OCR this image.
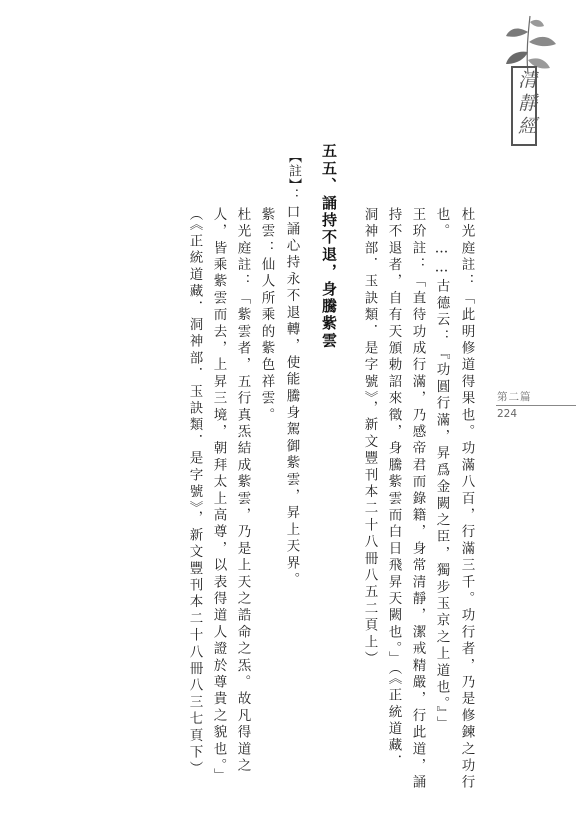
清靜經
第二篇
224
杜光庭註：「此明修道得果也。功滿八百，行滿三千。功行者，乃是修鍊之功行
也。……古德云：『功圓行滿，昇爲金闕之臣，獨步玉京之上道也。』」
王玠註：「直待功成行滿，乃感帝君而錄籍，身常清靜，潔戒精嚴，行此道，誦
持不退者，自有天頒勅詔來徵，身騰紫雲而白日飛昇天闕也。」（《正統道藏．
洞神部．玉訣類．是字號》，新文豐刊本二十八冊八五二頁上）
五五、誦持不退，身騰紫雲
【註】
：口誦心持永不退轉，使能騰身駕御紫雲，昇上天界。
紫雲：仙人所乘的紫色祥雲。
杜光庭註：「紫雲者，五行真炁結成紫雲，乃是上天之誥命之炁。故凡得道之
人，皆乘紫雲而去，上昇三境，朝拜太上高尊，以表得道人證於尊貴之貌也。」
（《正統道藏．洞神部．玉訣類．是字號》，新文豐刊本二十八冊八三七頁下）
